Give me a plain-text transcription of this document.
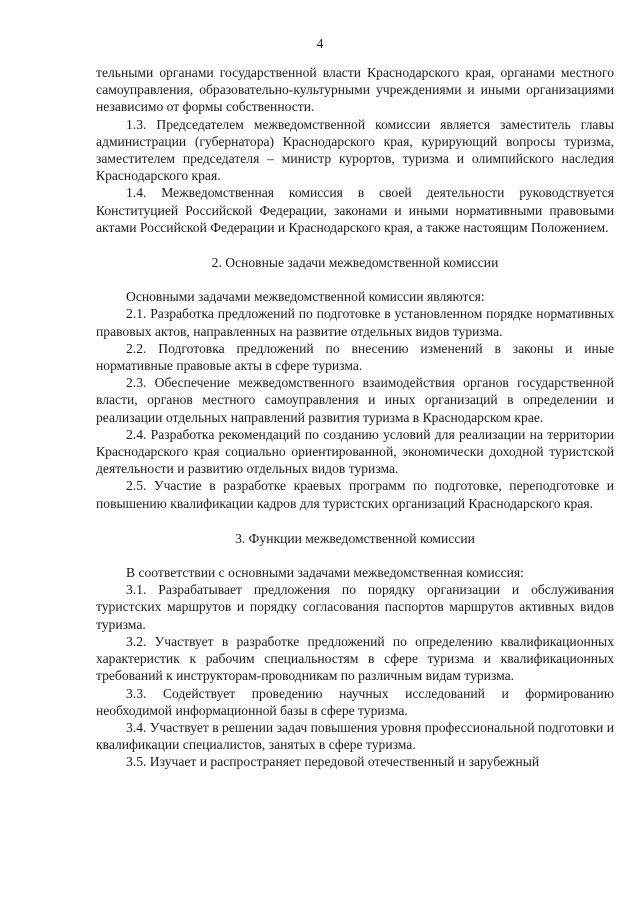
4

тельными органами государственной власти Краснодарского края, органами местного самоуправления, образовательно-культурными учреждениями и иными организациями независимо от формы собственности.

1.3. Председателем межведомственной комиссии является заместитель главы администрации (губернатора) Краснодарского края, курирующий вопросы туризма, заместителем председателя – министр курортов, туризма и олимпийского наследия Краснодарского края.

1.4. Межведомственная комиссия в своей деятельности руководствуется Конституцией Российской Федерации, законами и иными нормативными правовыми актами Российской Федерации и Краснодарского края, а также настоящим Положением.

2. Основные задачи межведомственной комиссии

Основными задачами межведомственной комиссии являются:

2.1. Разработка предложений по подготовке в установленном порядке нормативных правовых актов, направленных на развитие отдельных видов туризма.

2.2. Подготовка предложений по внесению изменений в законы и иные нормативные правовые акты в сфере туризма.

2.3. Обеспечение межведомственного взаимодействия органов государственной власти, органов местного самоуправления и иных организаций в определении и реализации отдельных направлений развития туризма в Краснодарском крае.

2.4. Разработка рекомендаций по созданию условий для реализации на территории Краснодарского края социально ориентированной, экономически доходной туристской деятельности и развитию отдельных видов туризма.

2.5. Участие в разработке краевых программ по подготовке, переподготовке и повышению квалификации кадров для туристских организаций Краснодарского края.

3. Функции межведомственной комиссии

В соответствии с основными задачами межведомственная комиссия:

3.1. Разрабатывает предложения по порядку организации и обслуживания туристских маршрутов и порядку согласования паспортов маршрутов активных видов туризма.

3.2. Участвует в разработке предложений по определению квалификационных характеристик к рабочим специальностям в сфере туризма и квалификационных требований к инструкторам-проводникам по различным видам туризма.

3.3. Содействует проведению научных исследований и формированию необходимой информационной базы в сфере туризма.

3.4. Участвует в решении задач повышения уровня профессиональной подготовки и квалификации специалистов, занятых в сфере туризма.

3.5. Изучает и распространяет передовой отечественный и зарубежный
